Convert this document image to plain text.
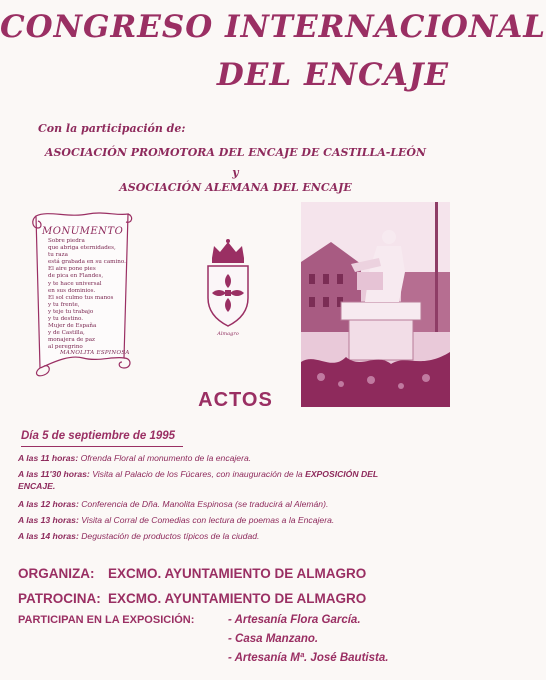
CONGRESO INTERNACIONAL
DEL ENCAJE
Con la participación de:
ASOCIACIÓN PROMOTORA DEL ENCAJE DE CASTILLA-LEÓN
y
ASOCIACIÓN ALEMANA DEL ENCAJE
MONUMENTO
Sobre piedra
que abriga eternidades,
tu raza
está grabada en su camino.
El aire pone pies
de pica en Flandes,
y te hace universal
en sus dominios.
El sol culmo tus manos
y tu frente,
y teje tu trabajo
y tu destino.
Mujer de España
y de Castilla,
monajera de paz
al peregrino
MANOLITA ESPINOSA
Almagro
ACTOS
Día 5 de septiembre de 1995
A las 11 horas: Ofrenda Floral al monumento de la encajera.
A las 11'30 horas: Visita al Palacio de los Fúcares, con inauguración de la EXPOSICIÓN DEL
ENCAJE.
A las 12 horas: Conferencia de Dña. Manolita Espinosa (se traducirá al Alemán).
A las 13 horas: Visita al Corral de Comedias con lectura de poemas a la Encajera.
A las 14 horas: Degustación de productos típicos de la ciudad.
ORGANIZA: EXCMO. AYUNTAMIENTO DE ALMAGRO
PATROCINA: EXCMO. AYUNTAMIENTO DE ALMAGRO
PARTICIPAN EN LA EXPOSICIÓN:	- Artesanía Flora García.
- Casa Manzano.
- Artesanía Mª. José Bautista.
